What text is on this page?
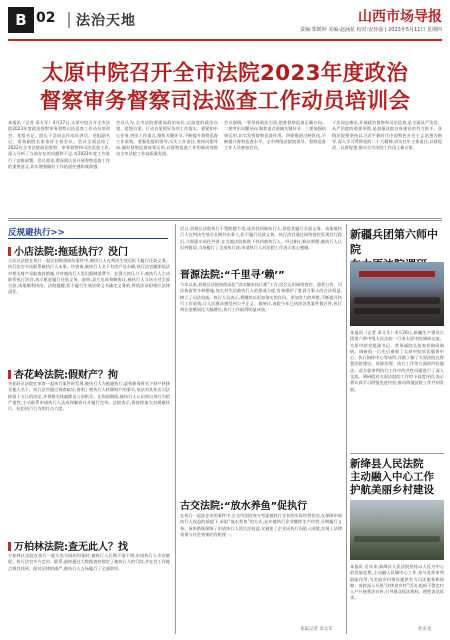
B 02 法治天地	山西市场导报
责编:郑媛婷 美编:赵涵花 校对:安怀强 | 2023年5月11日 星期四
太原中院召开全市法院2023年度政治
督察审务督察司法巡查工作动员培训会
本报讯（记者 章太军）4月27日,太原中院召开全市法院2023年度政治督察审务督察司法巡查工作动员培训会。党组书记、院长于浩同志作动员讲话。党组副书记、常务副院长张家祥主持会议。会议全面总结了2022年全市法院政治督察、审务督察和司法巡查工作,深入分析了当前存在的问题和不足,对2023年度工作进行了安排部署。会议要求,要深刻认识开展督察巡查工作的重要意义,切实增强做好工作的责任感和使命感。
会议认为,全市法院要提高政治站位,以高度的政治自觉、思想自觉、行动自觉抓好各项工作落实。要紧扣中心任务,突出工作重点,聚焦关键环节,不断提升督察巡查工作质效。要强化组织领导,压实工作责任,坚持问题导向,做好督察巡查成果运用,以督察巡查工作的新成效推动全市法院工作高质量发展。
会议强调,一要坚持政治引领,把准督察巡查正确方向。二要突出问题导向,聚焦重点领域关键环节。三要加强结果运用,切实发挥督察巡查作用。四要锻造过硬队伍,不断提升督察巡查水平。全市两级法院院领导、督察巡查工作人员参加会议。
于浩同志指出,开展政治督察和司法巡查,是全面从严治党、从严治院的重要举措,是加强法院自身建设的有力抓手。各级法院要坚持以习近平新时代中国特色社会主义思想为指导,深入学习贯彻党的二十大精神,切实扛牢主体责任,以督促改、以督促建,推动全市法院工作再上新台阶。
反规避执行>>
小店法院:拖延执行？没门
小店区法院在执行一起民间借贷纠纷案件中,被执行人在判决生效后拒不履行还款义务。执行法官多次联系被执行人未果。经查询,被执行人名下有房产及车辆,执行法官随即依法对相关财产采取查封措施,并对被执行人发出限制消费令。在强大的压力下,被执行人主动联系执行法官,表示愿意履行还款义务。最终,双方达成和解协议,被执行人当场支付全部欠款,该案顺利执结。法院提醒,拒不履行生效法律文书确定义务的,将依法承担相应法律责任。
杏花岭法院:假财产？拘
杏花岭区法院在审查一起执行案件时发现,被执行人为逃避执行,虚构债务将名下财产转移至他人名下。执行法官通过调查取证,查明了被执行人转移财产的事实,依法对其作出司法拘留十五日的决定,并将相关线索移送公安机关。在拘留期间,被执行人认识到自身行为的严重性,主动联系申请执行人达成和解协议并履行完毕。法院表示,将持续加大对规避执行、抗拒执行行为的打击力度。
万柏林法院:查无此人？找
万柏林区法院在执行一起买卖合同纠纷案时,被执行人长期下落不明,申请执行人多次催促。执行法官多方走访、联系,最终通过大数据查控锁定了被执行人的行踪,并在其工作地点将其找到。面对法律的威严,被执行人当场履行了全部款项。
近日,晋源区法院执行干警跨越千里,成功找到被执行人,督促其履行全部义务。该案被执行人在判决生效后长期外出务工,拒不履行还款义务。执行法官通过网络查控发现其行踪后,立即驱车前往外省,在当地法院协助下找到被执行人。经过耐心释法明理,被执行人认识到错误,当场履行了全部执行款,申请执行人对法院工作表示衷心感谢。
晋源法院:“千里寻‘赖’”
今年以来,晋源区法院持续深化“切实解决执行难”工作,综合运用网络查控、悬赏公告、司法拘留等多种措施,加大对失信被执行人的惩戒力度,有效维护了胜诉当事人的合法权益,树立了司法权威。执行人员表示,将继续以更加务实的作风、更加有力的举措,不断提升执行工作质效,让人民群众感受到公平正义。据统计,该院今年已执结各类案件数百件,执行到位金额同比大幅增长,执行工作取得明显成效。
古交法院:“放水养鱼”促执行
在执行一起涉企业的案件中,古交市法院充分考虑被执行企业的实际经营状况,在保障申请执行人权益的前提下,采取“放水养鱼”的方式,允许被执行企业继续生产经营,分期履行义务。该举措既保障了申请执行人的合法权益,又避免了企业因执行而陷入困境,实现了法律效果与社会效果的有机统一。
本报记者 章太军
新疆兵团第六师中院
本报讯（记者 章太军）4月26日,新疆生产建设兵团第六师中级人民法院一行来太原中院调研交流。太原中院党组副书记、常务副院长张家祥陪同调研。调研组一行先后参观了太原中院诉讼服务中心、执行指挥中心等场所,详细了解了太原法院在智慧法院建设、诉源治理、执行工作等方面的经验做法。双方就审判执行工作中的共性问题进行了深入交流。调研组对太原法院的工作给予高度评价,表示将认真学习借鉴先进经验,推动两地法院工作共同发展。
新绛县人民法院
主动融入中心工作
护航美丽乡村建设
本报讯 近年来,新绛县人民法院坚持以人民为中心的发展思想,主动融入县域中心工作,充分发挥审判职能作用,为美丽乡村建设提供有力司法服务和保障。该院深入开展“法律进乡村”活动,组织干警走村入户开展普法宣传,引导群众依法维权、理性表达诉求。
杜卓龙
